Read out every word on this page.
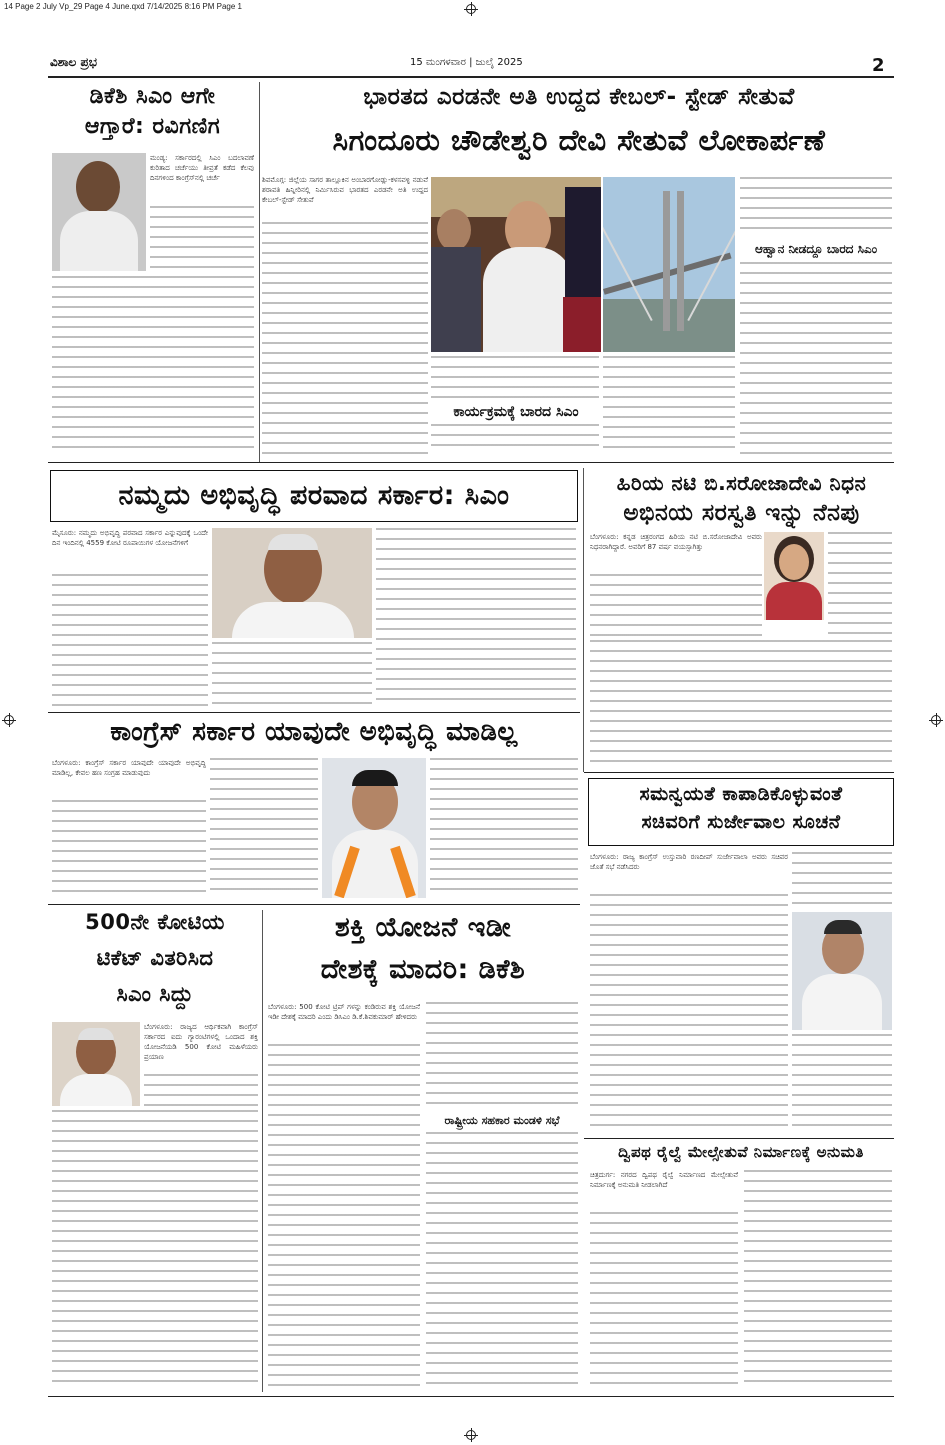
14 Page 2 July Vp_29 Page 4 June.qxd 7/14/2025 8:16 PM Page 1
ವಿಶಾಲ ಪ್ರಭ	15 ಮಂಗಳವಾರ | ಜುಲೈ 2025	2
ಡಿಕೆಶಿ ಸಿಎಂ ಆಗೇ
ಆಗ್ತಾರೆ: ರವಿಗಣಿಗ
ಮಂಡ್ಯ: ಸರ್ಕಾರದಲ್ಲಿ ಸಿಎಂ ಬದಲಾವಣೆ ಕುರಿತಾದ ಚರ್ಚೆಯು ತೀವ್ರತೆ ಕಡೆದ ಕೆಲವು ದಿನಗಳಿಂದ ಕಾಂಗ್ರೆಸ್‌ನಲ್ಲಿ ಚರ್ಚೆ
ಭಾರತದ ಎರಡನೇ ಅತಿ ಉದ್ದದ ಕೇಬಲ್- ಸ್ಟೇಡ್ ಸೇತುವೆ
ಸಿಗಂದೂರು ಚೌಡೇಶ್ವರಿ ದೇವಿ ಸೇತುವೆ ಲೋಕಾರ್ಪಣೆ
ಶಿವಮೊಗ್ಗ: ಜಿಲ್ಲೆಯ ಸಾಗರ ತಾಲ್ಲೂಕಿನ ಅಂಬಾರಗೋಡ್ಲು-ಕಳಸವಳ್ಳಿ ನಡುವೆ ಶರಾವತಿ ಹಿನ್ನೀರಿನಲ್ಲಿ ನಿರ್ಮಿಸಿರುವ ಭಾರತದ ಎರಡನೇ ಅತಿ ಉದ್ದದ ಕೇಬಲ್-ಸ್ಟೇಡ್ ಸೇತುವೆ
ಕಾರ್ಯಕ್ರಮಕ್ಕೆ ಬಾರದ ಸಿಎಂ
ಆಹ್ವಾನ ನೀಡದ್ದೂ ಬಾರದ ಸಿಎಂ
ನಮ್ಮದು ಅಭಿವೃದ್ಧಿ ಪರವಾದ ಸರ್ಕಾರ: ಸಿಎಂ
ಮೈಸೂರು: ನಮ್ಮದು ಅಭಿವೃದ್ಧಿ ಪರವಾದ ಸರ್ಕಾರ ಎನ್ನುವುದಕ್ಕೆ ಒಂದೇ ದಿನ ಇಂದಿನಲ್ಲಿ 4559 ಕೋಟಿ ರೂಪಾಯಿಗಳ ಯೋಜನೆಗಳಿಗೆ
ಹಿರಿಯ ನಟಿ ಬಿ.ಸರೋಜಾದೇವಿ ನಿಧನ
ಅಭಿನಯ ಸರಸ್ವತಿ ಇನ್ನು ನೆನಪು
ಬೆಂಗಳೂರು: ಕನ್ನಡ ಚಿತ್ರರಂಗದ ಹಿರಿಯ ನಟಿ ಬಿ.ಸರೋಜಾದೇವಿ ಅವರು ನಿಧನರಾಗಿದ್ದಾರೆ. ಅವರಿಗೆ 87 ವರ್ಷ ವಯಸ್ಸಾಗಿತ್ತು
ಕಾಂಗ್ರೆಸ್ ಸರ್ಕಾರ ಯಾವುದೇ ಅಭಿವೃದ್ಧಿ ಮಾಡಿಲ್ಲ
ಬೆಂಗಳೂರು: ಕಾಂಗ್ರೆಸ್ ಸರ್ಕಾರ ಯಾವುದೇ ಯಾವುದೇ ಅಭಿವೃದ್ಧಿ ಮಾಡಿಲ್ಲ, ಕೇವಲ ಹಣ ಸಂಗ್ರಹ ಮಾಡುವುದು
ಸಮನ್ವಯತೆ ಕಾಪಾಡಿಕೊಳ್ಳುವಂತೆ
ಸಚಿವರಿಗೆ ಸುರ್ಜೇವಾಲ ಸೂಚನೆ
ಬೆಂಗಳೂರು: ರಾಜ್ಯ ಕಾಂಗ್ರೆಸ್ ಉಸ್ತುವಾರಿ ರಣದೀಪ್ ಸುರ್ಜೇವಾಲಾ ಅವರು ಸಚಿವರ ಜೊತೆ ಸಭೆ ನಡೆಸಿದರು
500ನೇ ಕೋಟಿಯ
ಟಿಕೆಟ್ ವಿತರಿಸಿದ
ಸಿಎಂ ಸಿದ್ದು
ಬೆಂಗಳೂರು: ರಾಜ್ಯದ ಆರ್ಥಿಕವಾಗಿ ಕಾಂಗ್ರೆಸ್ ಸರ್ಕಾರದ ಐದು ಗ್ಯಾರಂಟಿಗಳಲ್ಲಿ ಒಂದಾದ ಶಕ್ತಿ ಯೋಜನೆಯಡಿ 500 ಕೋಟಿ ಮಹಿಳೆಯರು ಪ್ರಯಾಣ
ಶಕ್ತಿ ಯೋಜನೆ ಇಡೀ
ದೇಶಕ್ಕೆ ಮಾದರಿ: ಡಿಕೆಶಿ
ಬೆಂಗಳೂರು: 500 ಕೋಟಿ ಟ್ರಿಪ್ ಗಳನ್ನು ಕಂಡಿರುವ ಶಕ್ತಿ ಯೋಜನೆ ಇಡೀ ದೇಶಕ್ಕೆ ಮಾದರಿ ಎಂದು ಡಿಸಿಎಂ ಡಿ.ಕೆ.ಶಿವಕುಮಾರ್ ಹೇಳಿದರು
ರಾಷ್ಟ್ರೀಯ ಸಹಕಾರ ಮಂಡಳಿ ಸಭೆ
ದ್ವಿಪಥ ರೈಲ್ವೆ ಮೇಲ್ಸೇತುವೆ ನಿರ್ಮಾಣಕ್ಕೆ ಅನುಮತಿ
ಚಿತ್ರದುರ್ಗ: ನಗರದ ದ್ವಿಪಥ ರೈಲ್ವೆ ನಿರ್ಮಾಣದ ಮೇಲ್ಸೇತುವೆ ನಿರ್ಮಾಣಕ್ಕೆ ಅನುಮತಿ ನೀಡಲಾಗಿದೆ
